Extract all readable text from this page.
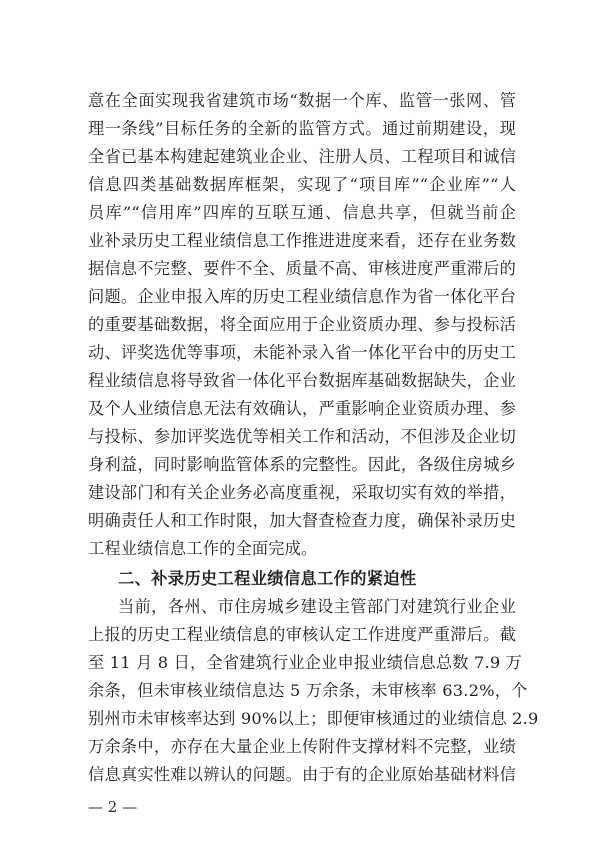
意在全面实现我省建筑市场“数据一个库、监管一张网、管
理一条线”目标任务的全新的监管方式。通过前期建设，现
全省已基本构建起建筑业企业、注册人员、工程项目和诚信
信息四类基础数据库框架，实现了“项目库”“企业库”“人
员库”“信用库”四库的互联互通、信息共享，但就当前企
业补录历史工程业绩信息工作推进进度来看，还存在业务数
据信息不完整、要件不全、质量不高、审核进度严重滞后的
问题。企业申报入库的历史工程业绩信息作为省一体化平台
的重要基础数据，将全面应用于企业资质办理、参与投标活
动、评奖选优等事项，未能补录入省一体化平台中的历史工
程业绩信息将导致省一体化平台数据库基础数据缺失，企业
及个人业绩信息无法有效确认，严重影响企业资质办理、参
与投标、参加评奖选优等相关工作和活动，不但涉及企业切
身利益，同时影响监管体系的完整性。因此，各级住房城乡
建设部门和有关企业务必高度重视，采取切实有效的举措，
明确责任人和工作时限，加大督查检查力度，确保补录历史
工程业绩信息工作的全面完成。
二、补录历史工程业绩信息工作的紧迫性
当前，各州、市住房城乡建设主管部门对建筑行业企业
上报的历史工程业绩信息的审核认定工作进度严重滞后。截
至 11 月 8 日，全省建筑行业企业申报业绩信息总数 7.9 万
余条，但未审核业绩信息达 5 万余条，未审核率 63.2%，个
别州市未审核率达到 90%以上；即便审核通过的业绩信息 2.9
万余条中，亦存在大量企业上传附件支撑材料不完整，业绩
信息真实性难以辨认的问题。由于有的企业原始基础材料信
— 2 —
